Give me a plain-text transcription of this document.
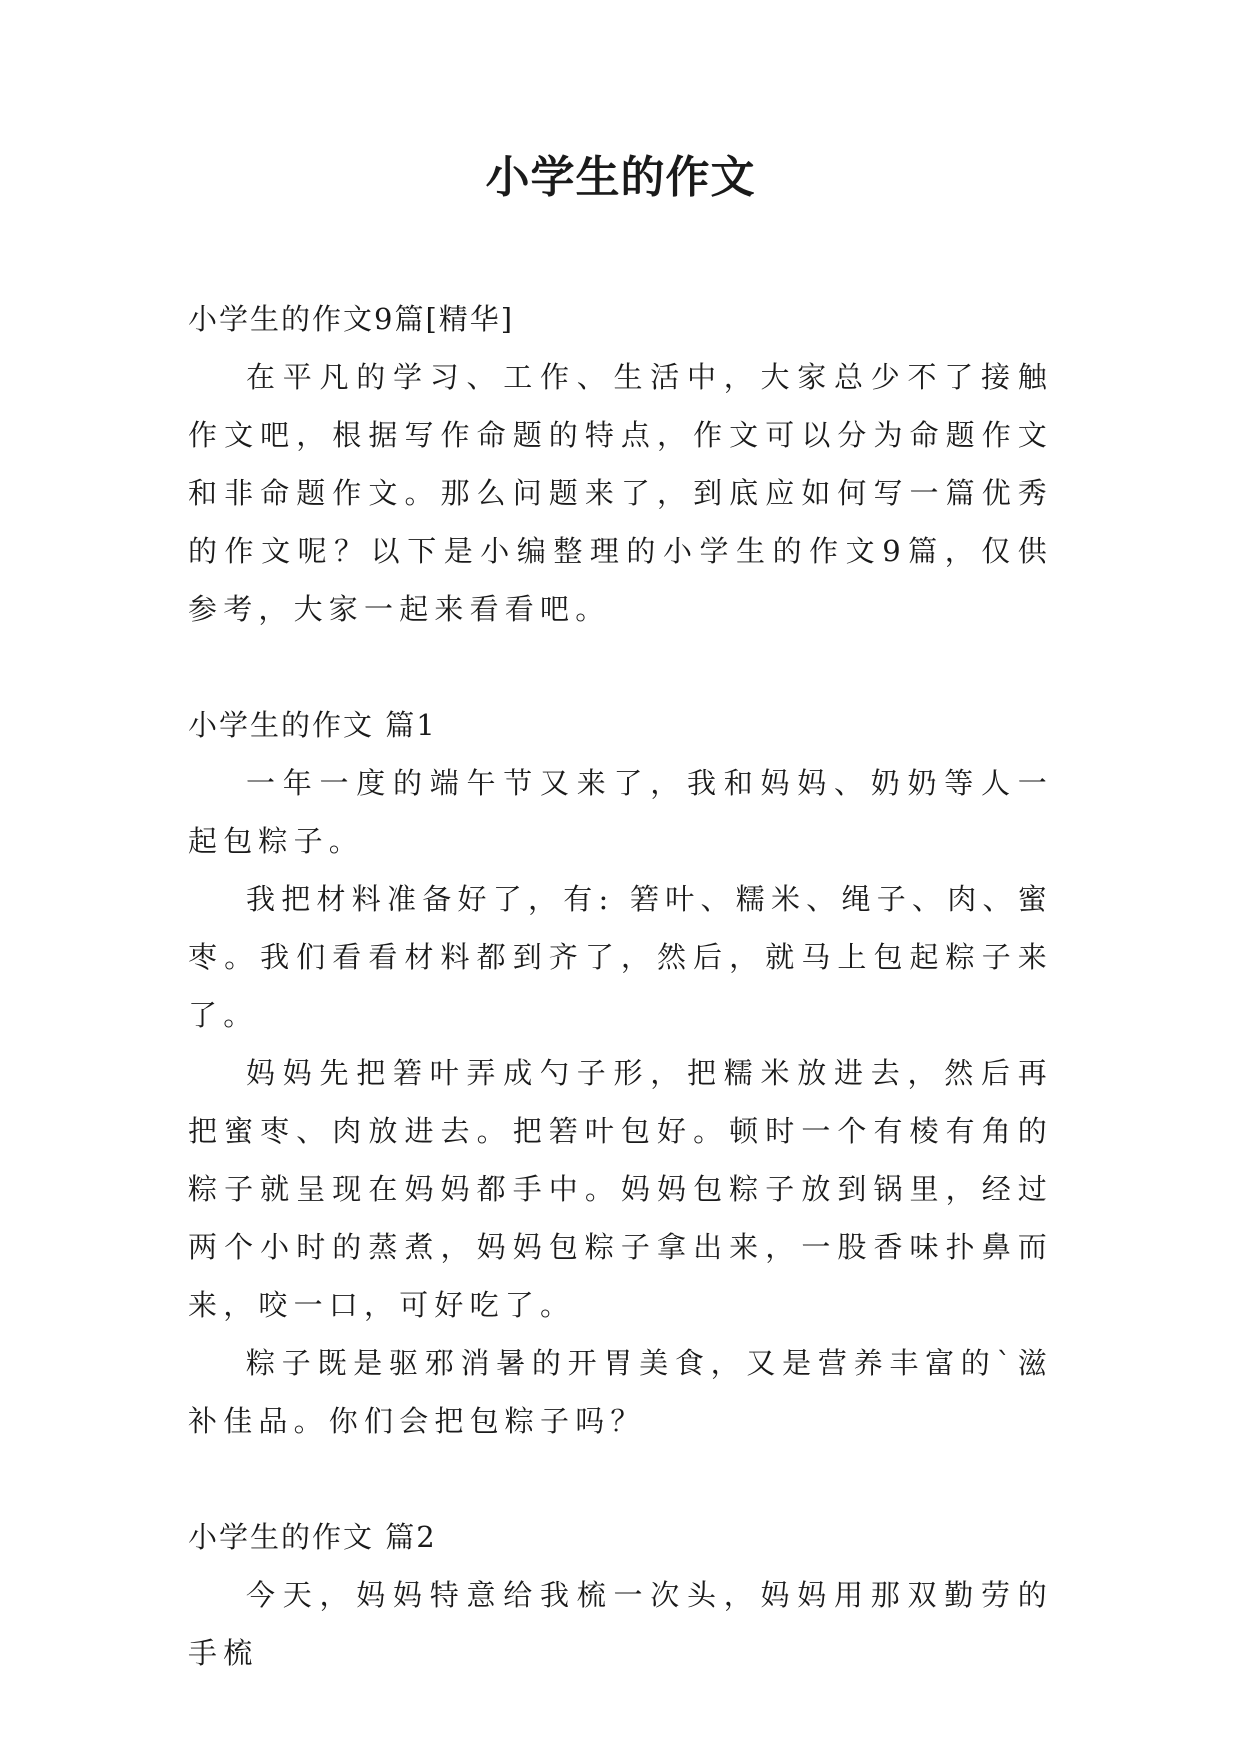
小学生的作文

小学生的作文9篇[精华]

在平凡的学习、工作、生活中，大家总少不了接触作文吧，根据写作命题的特点，作文可以分为命题作文和非命题作文。那么问题来了，到底应如何写一篇优秀的作文呢？以下是小编整理的小学生的作文9篇，仅供参考，大家一起来看看吧。

小学生的作文 篇1

一年一度的端午节又来了，我和妈妈、奶奶等人一起包粽子。

我把材料准备好了，有: 箬叶、糯米、绳子、肉、蜜枣。我们看看材料都到齐了，然后，就马上包起粽子来了。

妈妈先把箬叶弄成勺子形，把糯米放进去，然后再把蜜枣、肉放进去。把箬叶包好。顿时一个有棱有角的粽子就呈现在妈妈都手中。妈妈包粽子放到锅里，经过两个小时的蒸煮，妈妈包粽子拿出来，一股香味扑鼻而来，咬一口，可好吃了。

粽子既是驱邪消暑的开胃美食，又是营养丰富的`滋补佳品。你们会把包粽子吗？

小学生的作文 篇2

今天，妈妈特意给我梳一次头，妈妈用那双勤劳的手梳
